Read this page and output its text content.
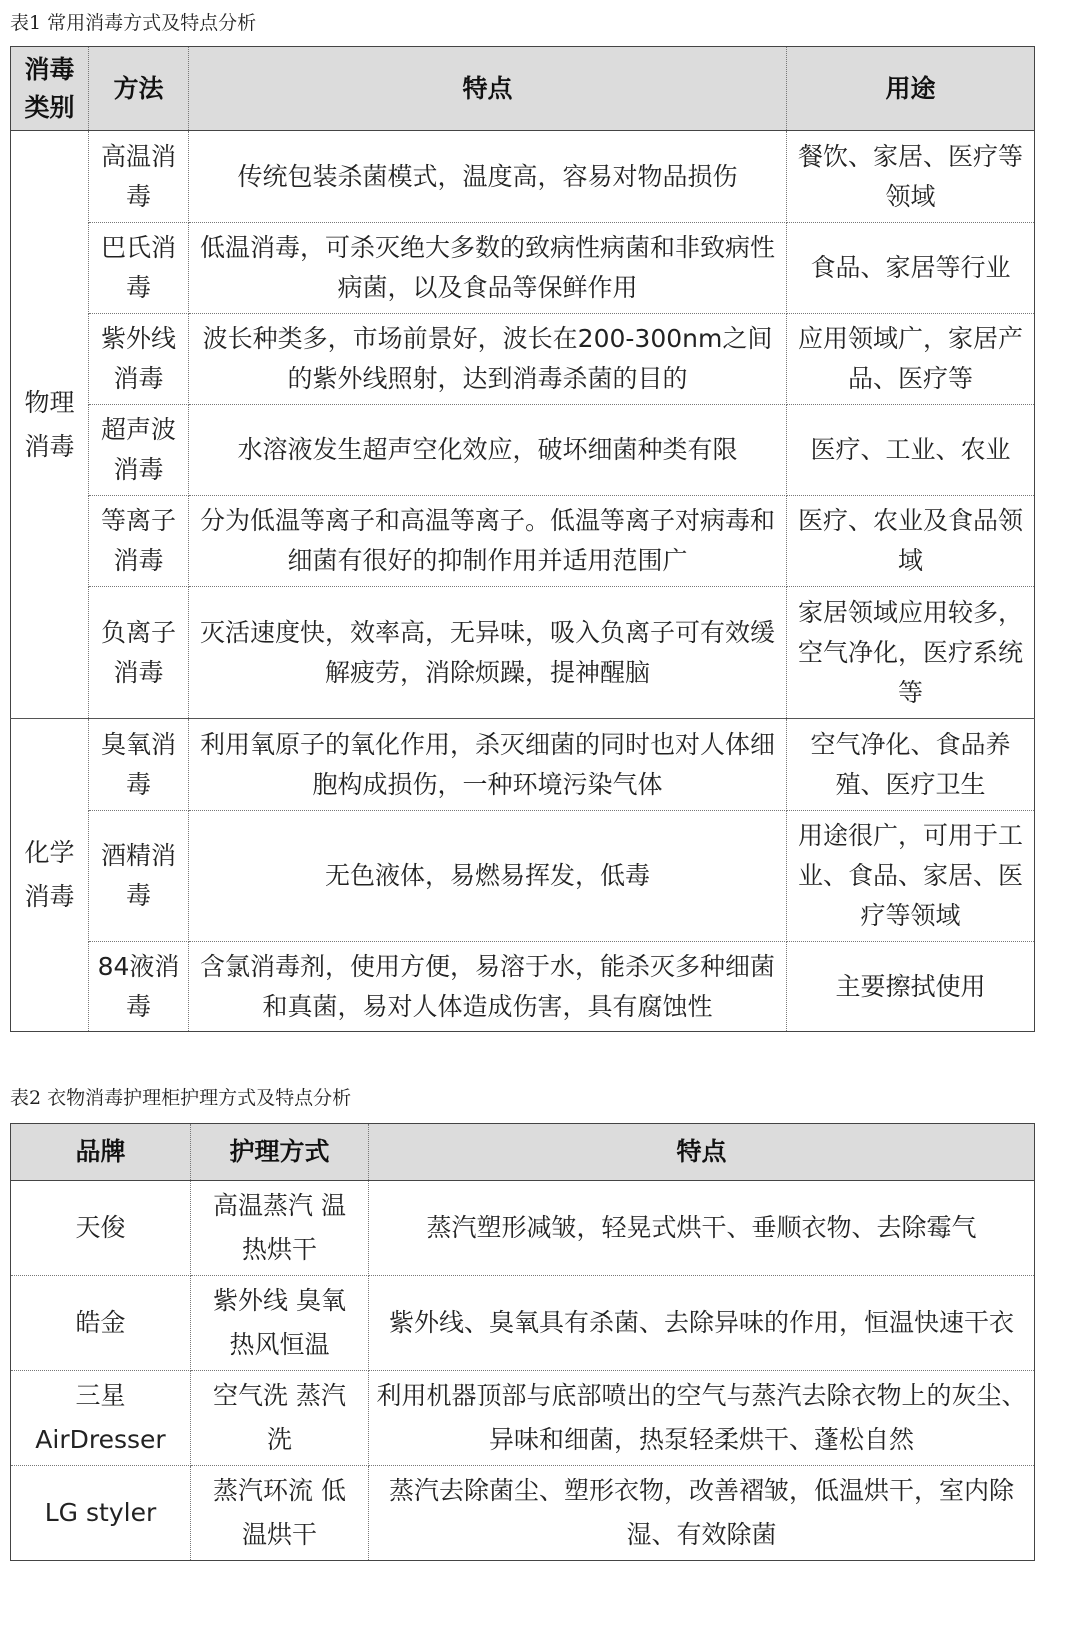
表1 常用消毒方式及特点分析
消毒类别	方法	特点	用途
物理消毒	高温消毒	传统包装杀菌模式，温度高，容易对物品损伤	餐饮、家居、医疗等领域
	巴氏消毒	低温消毒，可杀灭绝大多数的致病性病菌和非致病性病菌，以及食品等保鲜作用	食品、家居等行业
	紫外线消毒	波长种类多，市场前景好，波长在200-300nm之间的紫外线照射，达到消毒杀菌的目的	应用领域广，家居产品、医疗等
	超声波消毒	水溶液发生超声空化效应，破坏细菌种类有限	医疗、工业、农业
	等离子消毒	分为低温等离子和高温等离子。低温等离子对病毒和细菌有很好的抑制作用并适用范围广	医疗、农业及食品领域
	负离子消毒	灭活速度快，效率高，无异味，吸入负离子可有效缓解疲劳，消除烦躁，提神醒脑	家居领域应用较多，空气净化，医疗系统等
化学消毒	臭氧消毒	利用氧原子的氧化作用，杀灭细菌的同时也对人体细胞构成损伤，一种环境污染气体	空气净化、食品养殖、医疗卫生
	酒精消毒	无色液体，易燃易挥发，低毒	用途很广，可用于工业、食品、家居、医疗等领域
	84液消毒	含氯消毒剂，使用方便，易溶于水，能杀灭多种细菌和真菌，易对人体造成伤害，具有腐蚀性	主要擦拭使用
表2 衣物消毒护理柜护理方式及特点分析
品牌	护理方式	特点
天俊	高温蒸汽 温热烘干	蒸汽塑形减皱，轻晃式烘干、垂顺衣物、去除霉气
皓金	紫外线 臭氧 热风恒温	紫外线、臭氧具有杀菌、去除异味的作用，恒温快速干衣
三星 AirDresser	空气洗 蒸汽洗	利用机器顶部与底部喷出的空气与蒸汽去除衣物上的灰尘、异味和细菌，热泵轻柔烘干、蓬松自然
LG styler	蒸汽环流 低温烘干	蒸汽去除菌尘、塑形衣物，改善褶皱，低温烘干，室内除湿、有效除菌
